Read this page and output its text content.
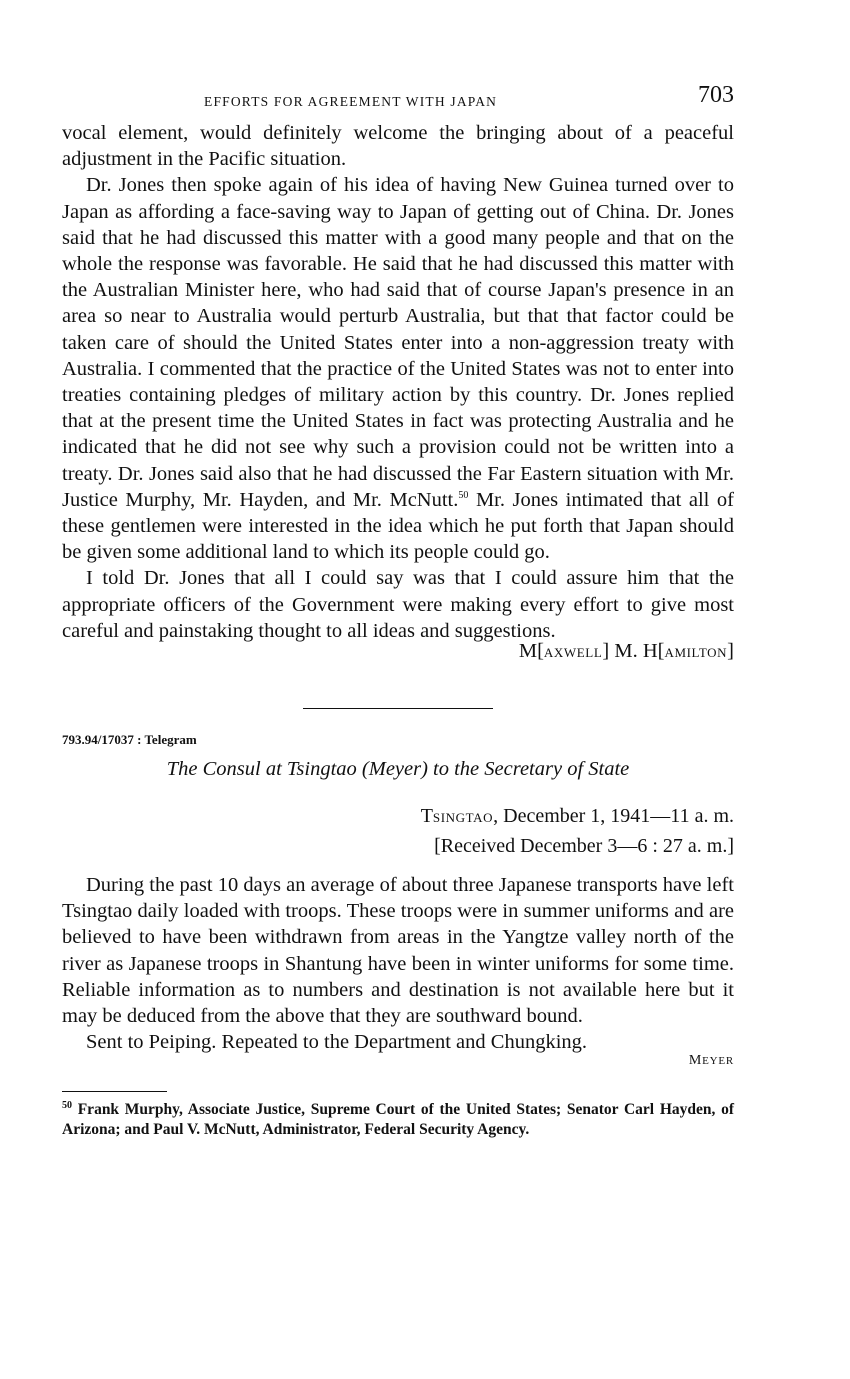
EFFORTS FOR AGREEMENT WITH JAPAN	703

vocal element, would definitely welcome the bringing about of a peaceful adjustment in the Pacific situation.

Dr. Jones then spoke again of his idea of having New Guinea turned over to Japan as affording a face-saving way to Japan of getting out of China. Dr. Jones said that he had discussed this matter with a good many people and that on the whole the response was favorable. He said that he had discussed this matter with the Australian Minister here, who had said that of course Japan's presence in an area so near to Australia would perturb Australia, but that that factor could be taken care of should the United States enter into a non-aggression treaty with Australia. I commented that the practice of the United States was not to enter into treaties containing pledges of military action by this country. Dr. Jones replied that at the present time the United States in fact was protecting Australia and he indicated that he did not see why such a provision could not be written into a treaty. Dr. Jones said also that he had discussed the Far Eastern situation with Mr. Justice Murphy, Mr. Hayden, and Mr. McNutt.$^{50}$ Mr. Jones intimated that all of these gentlemen were interested in the idea which he put forth that Japan should be given some additional land to which its people could go.

I told Dr. Jones that all I could say was that I could assure him that the appropriate officers of the Government were making every effort to give most careful and painstaking thought to all ideas and suggestions.

M[AXWELL] M. H[AMILTON]
793.94/17037 : Telegram
The Consul at Tsingtao (Meyer) to the Secretary of State
TSINGTAO, December 1, 1941—11 a. m.
[Received December 3—6 : 27 a. m.]

During the past 10 days an average of about three Japanese transports have left Tsingtao daily loaded with troops. These troops were in summer uniforms and are believed to have been withdrawn from areas in the Yangtze valley north of the river as Japanese troops in Shantung have been in winter uniforms for some time. Reliable information as to numbers and destination is not available here but it may be deduced from the above that they are southward bound.

Sent to Peiping. Repeated to the Department and Chungking.

MEYER
$^{50}$ Frank Murphy, Associate Justice, Supreme Court of the United States; Senator Carl Hayden, of Arizona; and Paul V. McNutt, Administrator, Federal Security Agency.
